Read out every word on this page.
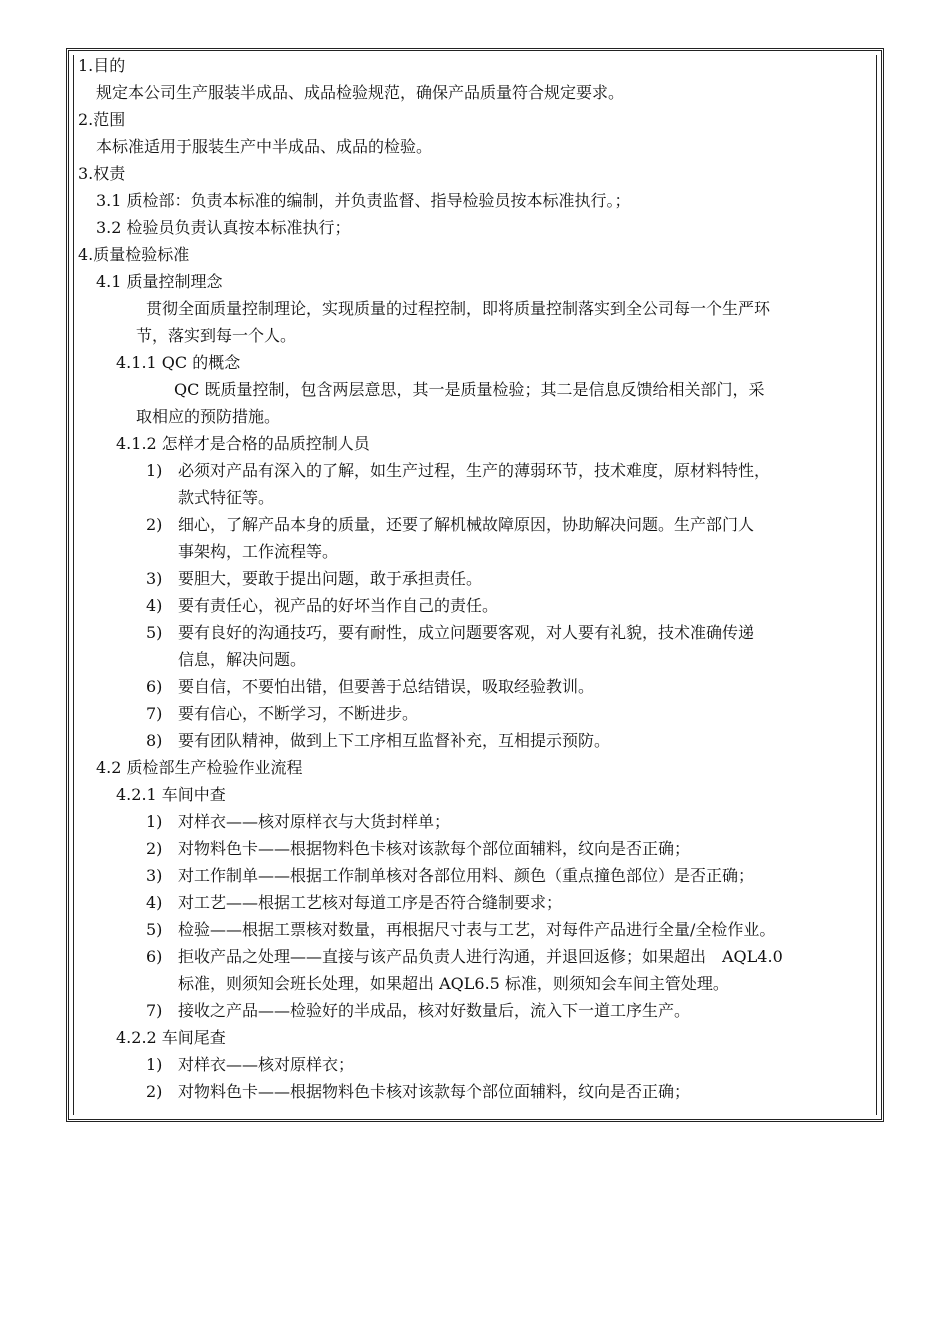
1.目的
规定本公司生产服装半成品、成品检验规范，确保产品质量符合规定要求。
2.范围
本标准适用于服装生产中半成品、成品的检验。
3.权责
3.1 质检部：负责本标准的编制，并负责监督、指导检验员按本标准执行。；
3.2 检验员负责认真按本标准执行；
4.质量检验标准
4.1 质量控制理念
贯彻全面质量控制理论，实现质量的过程控制，即将质量控制落实到全公司每一个生严环
节，落实到每一个人。
4.1.1 QC 的概念
QC 既质量控制，包含两层意思，其一是质量检验；其二是信息反馈给相关部门，采
取相应的预防措施。
4.1.2 怎样才是合格的品质控制人员
1) 必须对产品有深入的了解，如生产过程，生产的薄弱环节，技术难度，原材料特性，
款式特征等。
2) 细心，了解产品本身的质量，还要了解机械故障原因，协助解决问题。生产部门人
事架构，工作流程等。
3) 要胆大，要敢于提出问题，敢于承担责任。
4) 要有责任心，视产品的好坏当作自己的责任。
5) 要有良好的沟通技巧，要有耐性，成立问题要客观，对人要有礼貌，技术准确传递
信息，解决问题。
6) 要自信，不要怕出错，但要善于总结错误，吸取经验教训。
7) 要有信心，不断学习，不断进步。
8) 要有团队精神，做到上下工序相互监督补充，互相提示预防。
4.2 质检部生产检验作业流程
4.2.1 车间中查
1) 对样衣——核对原样衣与大货封样单；
2) 对物料色卡——根据物料色卡核对该款每个部位面辅料，纹向是否正确；
3) 对工作制单——根据工作制单核对各部位用料、颜色（重点撞色部位）是否正确；
4) 对工艺——根据工艺核对每道工序是否符合缝制要求；
5) 检验——根据工票核对数量，再根据尺寸表与工艺，对每件产品进行全量/全检作业。
6) 拒收产品之处理——直接与该产品负责人进行沟通，并退回返修；如果超出　AQL4.0
标准，则须知会班长处理，如果超出 AQL6.5 标准，则须知会车间主管处理。
7) 接收之产品——检验好的半成品，核对好数量后，流入下一道工序生产。
4.2.2 车间尾查
1) 对样衣——核对原样衣；
2) 对物料色卡——根据物料色卡核对该款每个部位面辅料，纹向是否正确；
